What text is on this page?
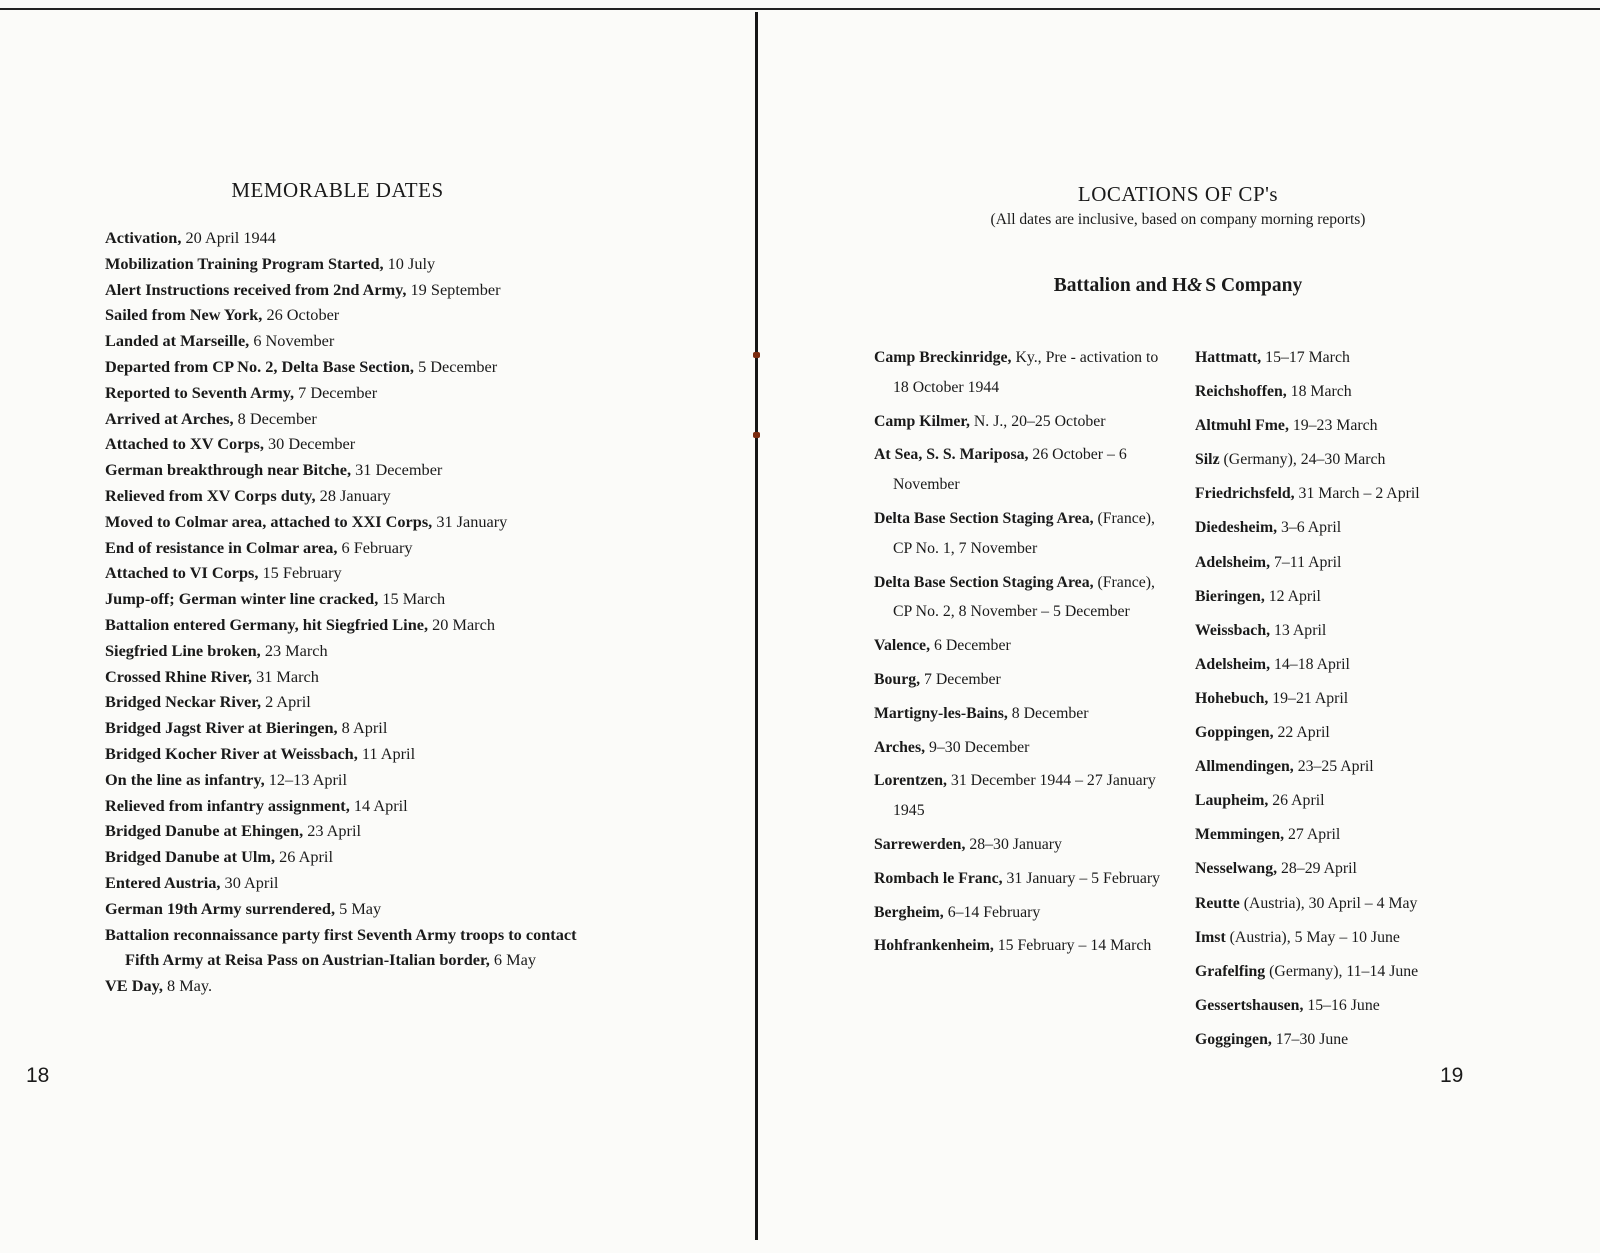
MEMORABLE DATES
Activation, 20 April 1944
Mobilization Training Program Started, 10 July
Alert Instructions received from 2nd Army, 19 September
Sailed from New York, 26 October
Landed at Marseille, 6 November
Departed from CP No. 2, Delta Base Section, 5 December
Reported to Seventh Army, 7 December
Arrived at Arches, 8 December
Attached to XV Corps, 30 December
German breakthrough near Bitche, 31 December
Relieved from XV Corps duty, 28 January
Moved to Colmar area, attached to XXI Corps, 31 January
End of resistance in Colmar area, 6 February
Attached to VI Corps, 15 February
Jump-off; German winter line cracked, 15 March
Battalion entered Germany, hit Siegfried Line, 20 March
Siegfried Line broken, 23 March
Crossed Rhine River, 31 March
Bridged Neckar River, 2 April
Bridged Jagst River at Bieringen, 8 April
Bridged Kocher River at Weissbach, 11 April
On the line as infantry, 12–13 April
Relieved from infantry assignment, 14 April
Bridged Danube at Ehingen, 23 April
Bridged Danube at Ulm, 26 April
Entered Austria, 30 April
German 19th Army surrendered, 5 May
Battalion reconnaissance party first Seventh Army troops to contact Fifth Army at Reisa Pass on Austrian-Italian border, 6 May
VE Day, 8 May.
18
LOCATIONS OF CP's
(All dates are inclusive, based on company morning reports)
Battalion and H& S Company
Camp Breckinridge, Ky., Pre - activation to 18 October 1944
Camp Kilmer, N. J., 20–25 October
At Sea, S. S. Mariposa, 26 October – 6 November
Delta Base Section Staging Area, (France), CP No. 1, 7 November
Delta Base Section Staging Area, (France), CP No. 2, 8 November – 5 December
Valence, 6 December
Bourg, 7 December
Martigny-les-Bains, 8 December
Arches, 9–30 December
Lorentzen, 31 December 1944 – 27 January 1945
Sarrewerden, 28–30 January
Rombach le Franc, 31 January – 5 February
Bergheim, 6–14 February
Hohfrankenheim, 15 February – 14 March
Hattmatt, 15–17 March
Reichshoffen, 18 March
Altmuhl Fme, 19–23 March
Silz (Germany), 24–30 March
Friedrichsfeld, 31 March – 2 April
Diedesheim, 3–6 April
Adelsheim, 7–11 April
Bieringen, 12 April
Weissbach, 13 April
Adelsheim, 14–18 April
Hohebuch, 19–21 April
Goppingen, 22 April
Allmendingen, 23–25 April
Laupheim, 26 April
Memmingen, 27 April
Nesselwang, 28–29 April
Reutte (Austria), 30 April – 4 May
Imst (Austria), 5 May – 10 June
Grafelfing (Germany), 11–14 June
Gessertshausen, 15–16 June
Goggingen, 17–30 June
19
